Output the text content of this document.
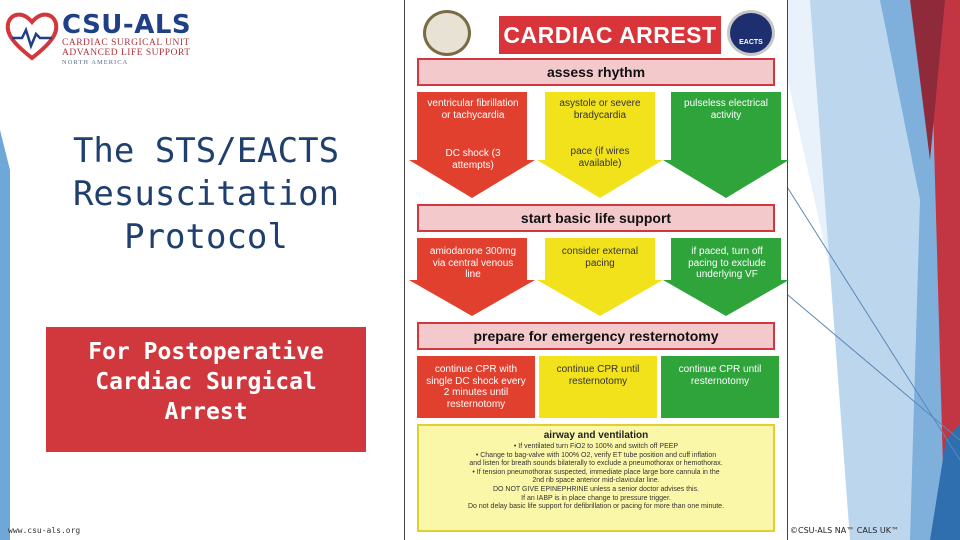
CSU-ALS
CARDIAC SURGICAL UNIT
ADVANCED LIFE SUPPORT
NORTH AMERICA
The STS/EACTS
Resuscitation
Protocol
For Postoperative
Cardiac Surgical
Arrest
www.csu-als.org	©CSU-ALS NA™ CALS UK™
CARDIAC ARREST	EACTS
assess rhythm
ventricular fibrillation or tachycardia
DC shock (3 attempts)
asystole or severe bradycardia
pace (if wires available)
pulseless electrical activity
start basic life support
amiodarone 300mg via central venous line
consider external pacing
if paced, turn off pacing to exclude underlying VF
prepare for emergency resternotomy
continue CPR with single DC shock every 2 minutes until resternotomy
continue CPR until resternotomy
continue CPR until resternotomy
airway and ventilation
• If ventilated turn FiO2 to 100% and switch off PEEP
• Change to bag-valve with 100% O2, verify ET tube position and cuff inflation
and listen for breath sounds bilaterally to exclude a pneumothorax or hemothorax.
• If tension pneumothorax suspected, immediate place large bore cannula in the
2nd rib space anterior mid-clavicular line.
DO NOT GIVE EPINEPHRINE unless a senior doctor advises this.
If an IABP is in place change to pressure trigger.
Do not delay basic life support for defibrillation or pacing for more than one minute.
